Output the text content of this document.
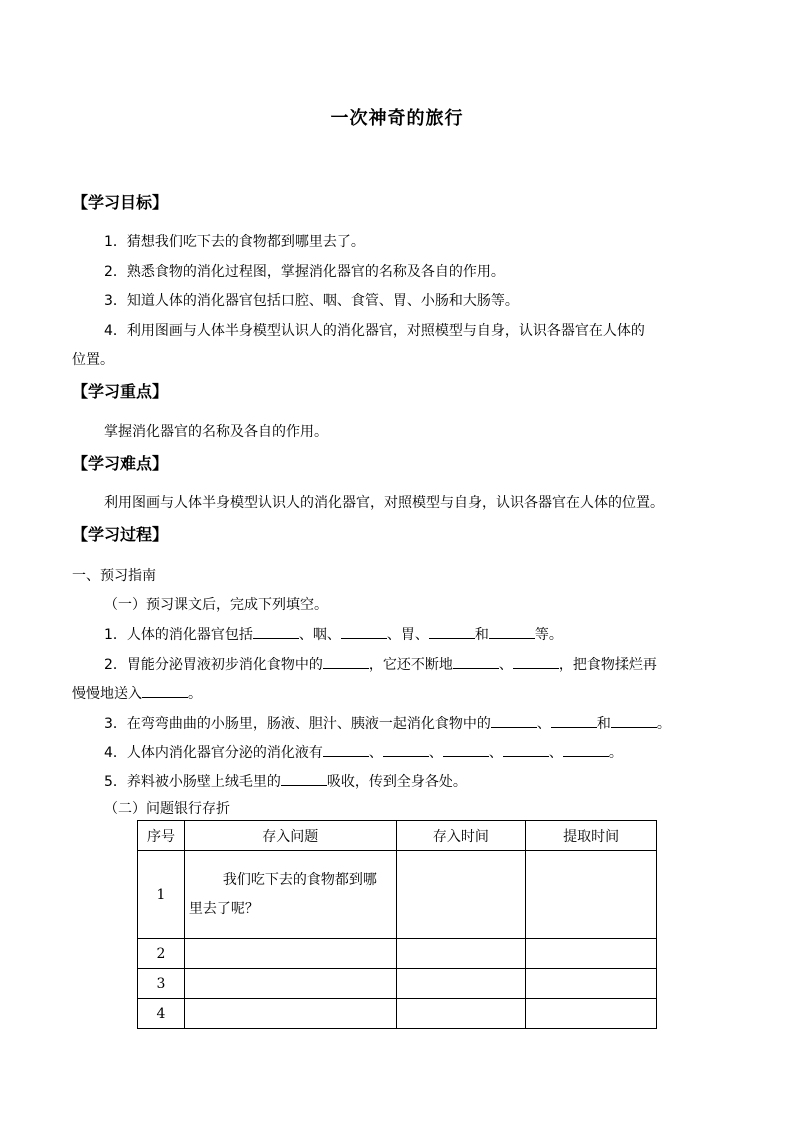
一次神奇的旅行
【学习目标】
1．猜想我们吃下去的食物都到哪里去了。
2．熟悉食物的消化过程图，掌握消化器官的名称及各自的作用。
3．知道人体的消化器官包括口腔、咽、食管、胃、小肠和大肠等。
4．利用图画与人体半身模型认识人的消化器官，对照模型与自身，认识各器官在人体的
位置。
【学习重点】
掌握消化器官的名称及各自的作用。
【学习难点】
利用图画与人体半身模型认识人的消化器官，对照模型与自身，认识各器官在人体的位置。
【学习过程】
一、预习指南
（一）预习课文后，完成下列填空。
1．人体的消化器官包括	、咽、	、胃、	和	等。
2．胃能分泌胃液初步消化食物中的	，它还不断地	、	，把食物揉烂再
慢慢地送入	。
3．在弯弯曲曲的小肠里，肠液、胆汁、胰液一起消化食物中的	、	和	。
4．人体内消化器官分泌的消化液有	、	、	、	、	。
5．养料被小肠壁上绒毛里的	吸收，传到全身各处。
（二）问题银行存折
序号	存入问题	存入时间	提取时间
1	我们吃下去的食物都到哪里去了呢？		

2			
3			
4			
